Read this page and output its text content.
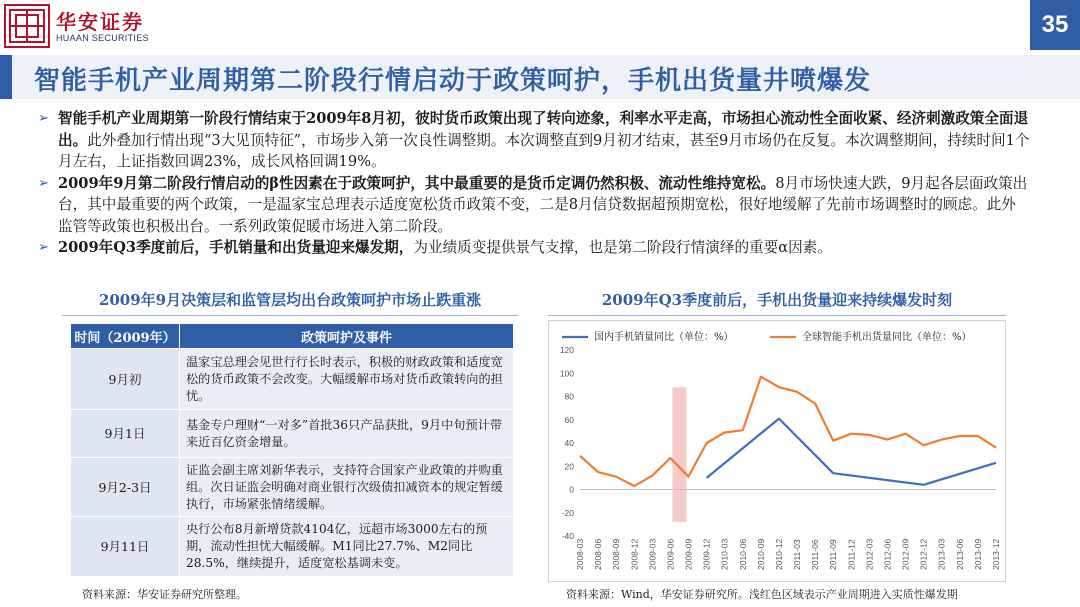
华安证券
HUAAN SECURITIES	35
智能手机产业周期第二阶段行情启动于政策呵护，手机出货量井喷爆发
➢ 智能手机产业周期第一阶段行情结束于2009年8月初，彼时货币政策出现了转向迹象，利率水平走高，市场担心流动性全面收紧、经济刺激政策全面退出。此外叠加行情出现“3大见顶特征”，市场步入第一次良性调整期。本次调整直到9月初才结束，甚至9月市场仍在反复。本次调整期间，持续时间1个月左右，上证指数回调23%，成长风格回调19%。
➢ 2009年9月第二阶段行情启动的β性因素在于政策呵护，其中最重要的是货币定调仍然积极、流动性维持宽松。8月市场快速大跌，9月起各层面政策出台，其中最重要的两个政策，一是温家宝总理表示适度宽松货币政策不变，二是8月信贷数据超预期宽松，很好地缓解了先前市场调整时的顾虑。此外监管等政策也积极出台。一系列政策促暖市场进入第二阶段。
➢ 2009年Q3季度前后，手机销量和出货量迎来爆发期，为业绩质变提供景气支撑，也是第二阶段行情演绎的重要α因素。
2009年9月决策层和监管层均出台政策呵护市场止跌重涨
时间（2009年）	政策呵护及事件
9月初	温家宝总理会见世行行长时表示，积极的财政政策和适度宽松的货币政策不会改变。大幅缓解市场对货币政策转向的担忧。
9月1日	基金专户理财“一对多”首批36只产品获批，9月中旬预计带来近百亿资金增量。
9月2-3日	证监会副主席刘新华表示，支持符合国家产业政策的并购重组。次日证监会明确对商业银行次级债扣减资本的规定暂缓执行，市场紧张情绪缓解。
9月11日	央行公布8月新增贷款4104亿，远超市场3000左右的预期，流动性担忧大幅缓解。M1同比27.7%、M2同比28.5%，继续提升，适度宽松基调未变。
资料来源：华安证券研究所整理。
2009年Q3季度前后，手机出货量迎来持续爆发时刻
-40
-20
0
20
40
60
80
100
120
2008-03 2008-06 2008-09 2008-12 2009-03 2009-06 2009-09 2009-12 2010-03 2010-06 2010-09 2010-12 2011-03 2011-06 2011-09 2011-12 2012-03 2012-06 2012-09 2012-12 2013-03 2013-06 2013-09 2013-12
国内手机销量同比（单位：%）	全球智能手机出货量同比（单位：%）
资料来源：Wind，华安证券研究所。浅红色区域表示产业周期进入实质性爆发期
